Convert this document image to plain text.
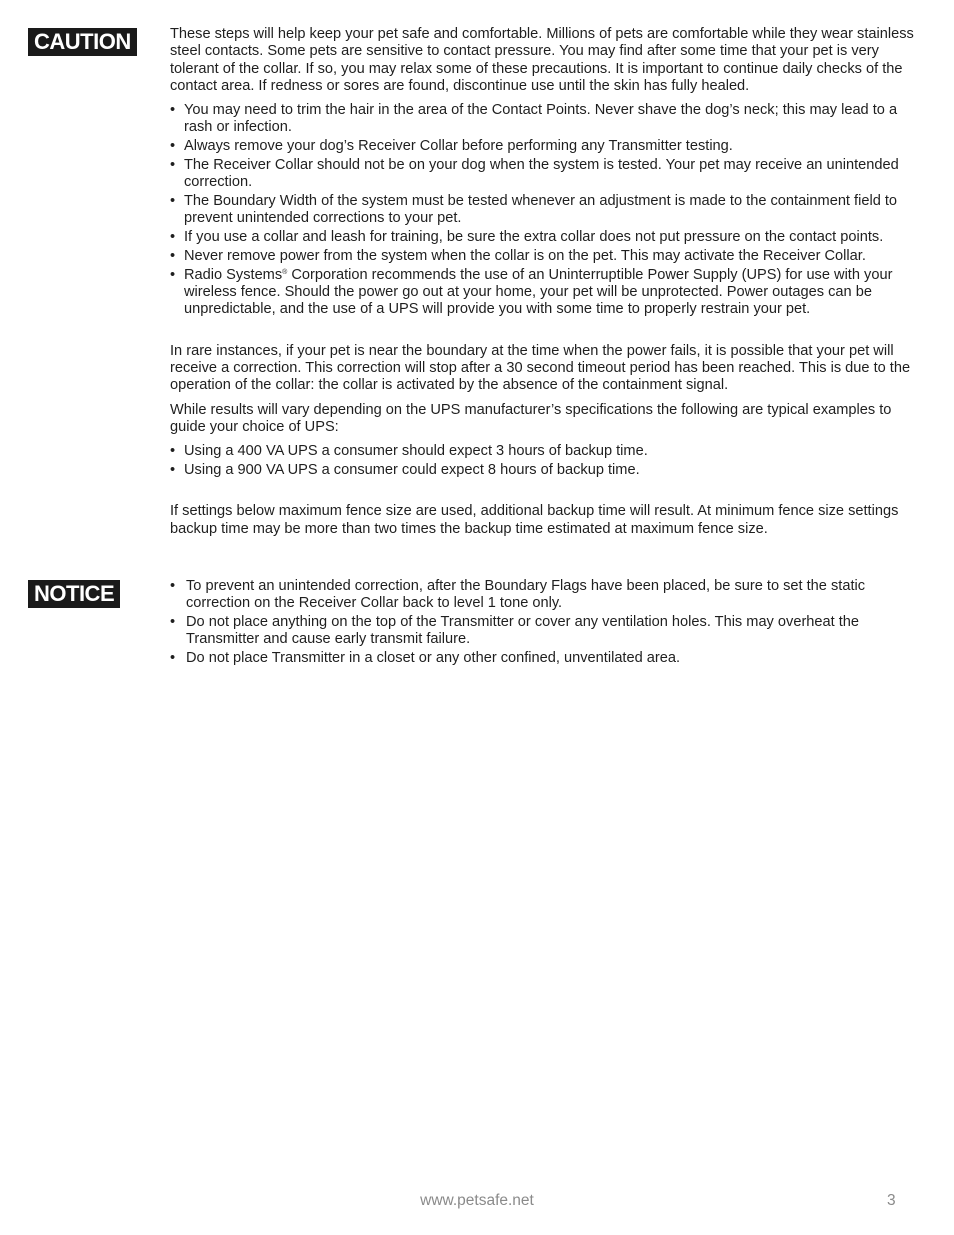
CAUTION	These steps will help keep your pet safe and comfortable. Millions of pets are comfortable while they wear stainless steel contacts. Some pets are sensitive to contact pressure. You may find after some time that your pet is very tolerant of the collar. If so, you may relax some of these precautions. It is important to continue daily checks of the contact area. If redness or sores are found, discontinue use until the skin has fully healed.

• You may need to trim the hair in the area of the Contact Points. Never shave the dog’s neck; this may lead to a rash or infection.
• Always remove your dog’s Receiver Collar before performing any Transmitter testing.
• The Receiver Collar should not be on your dog when the system is tested. Your pet may receive an unintended correction.
• The Boundary Width of the system must be tested whenever an adjustment is made to the containment field to prevent unintended corrections to your pet.
• If you use a collar and leash for training, be sure the extra collar does not put pressure on the contact points.
• Never remove power from the system when the collar is on the pet. This may activate the Receiver Collar.
• Radio Systems® Corporation recommends the use of an Uninterruptible Power Supply (UPS) for use with your wireless fence. Should the power go out at your home, your pet will be unprotected. Power outages can be unpredictable, and the use of a UPS will provide you with some time to properly restrain your pet.

In rare instances, if your pet is near the boundary at the time when the power fails, it is possible that your pet will receive a correction. This correction will stop after a 30 second timeout period has been reached. This is due to the operation of the collar: the collar is activated by the absence of the containment signal.

While results will vary depending on the UPS manufacturer’s specifications the following are typical examples to guide your choice of UPS:

• Using a 400 VA UPS a consumer should expect 3 hours of backup time.
• Using a 900 VA UPS a consumer could expect 8 hours of backup time.

If settings below maximum fence size are used, additional backup time will result. At minimum fence size settings backup time may be more than two times the backup time estimated at maximum fence size.

NOTICE
•	To prevent an unintended correction, after the Boundary Flags have been placed, be sure to set the static correction on the Receiver Collar back to level 1 tone only.
• Do not place anything on the top of the Transmitter or cover any ventilation holes. This may overheat the Transmitter and cause early transmit failure.
• Do not place Transmitter in a closet or any other confined, unventilated area.
www.petsafe.net	3
